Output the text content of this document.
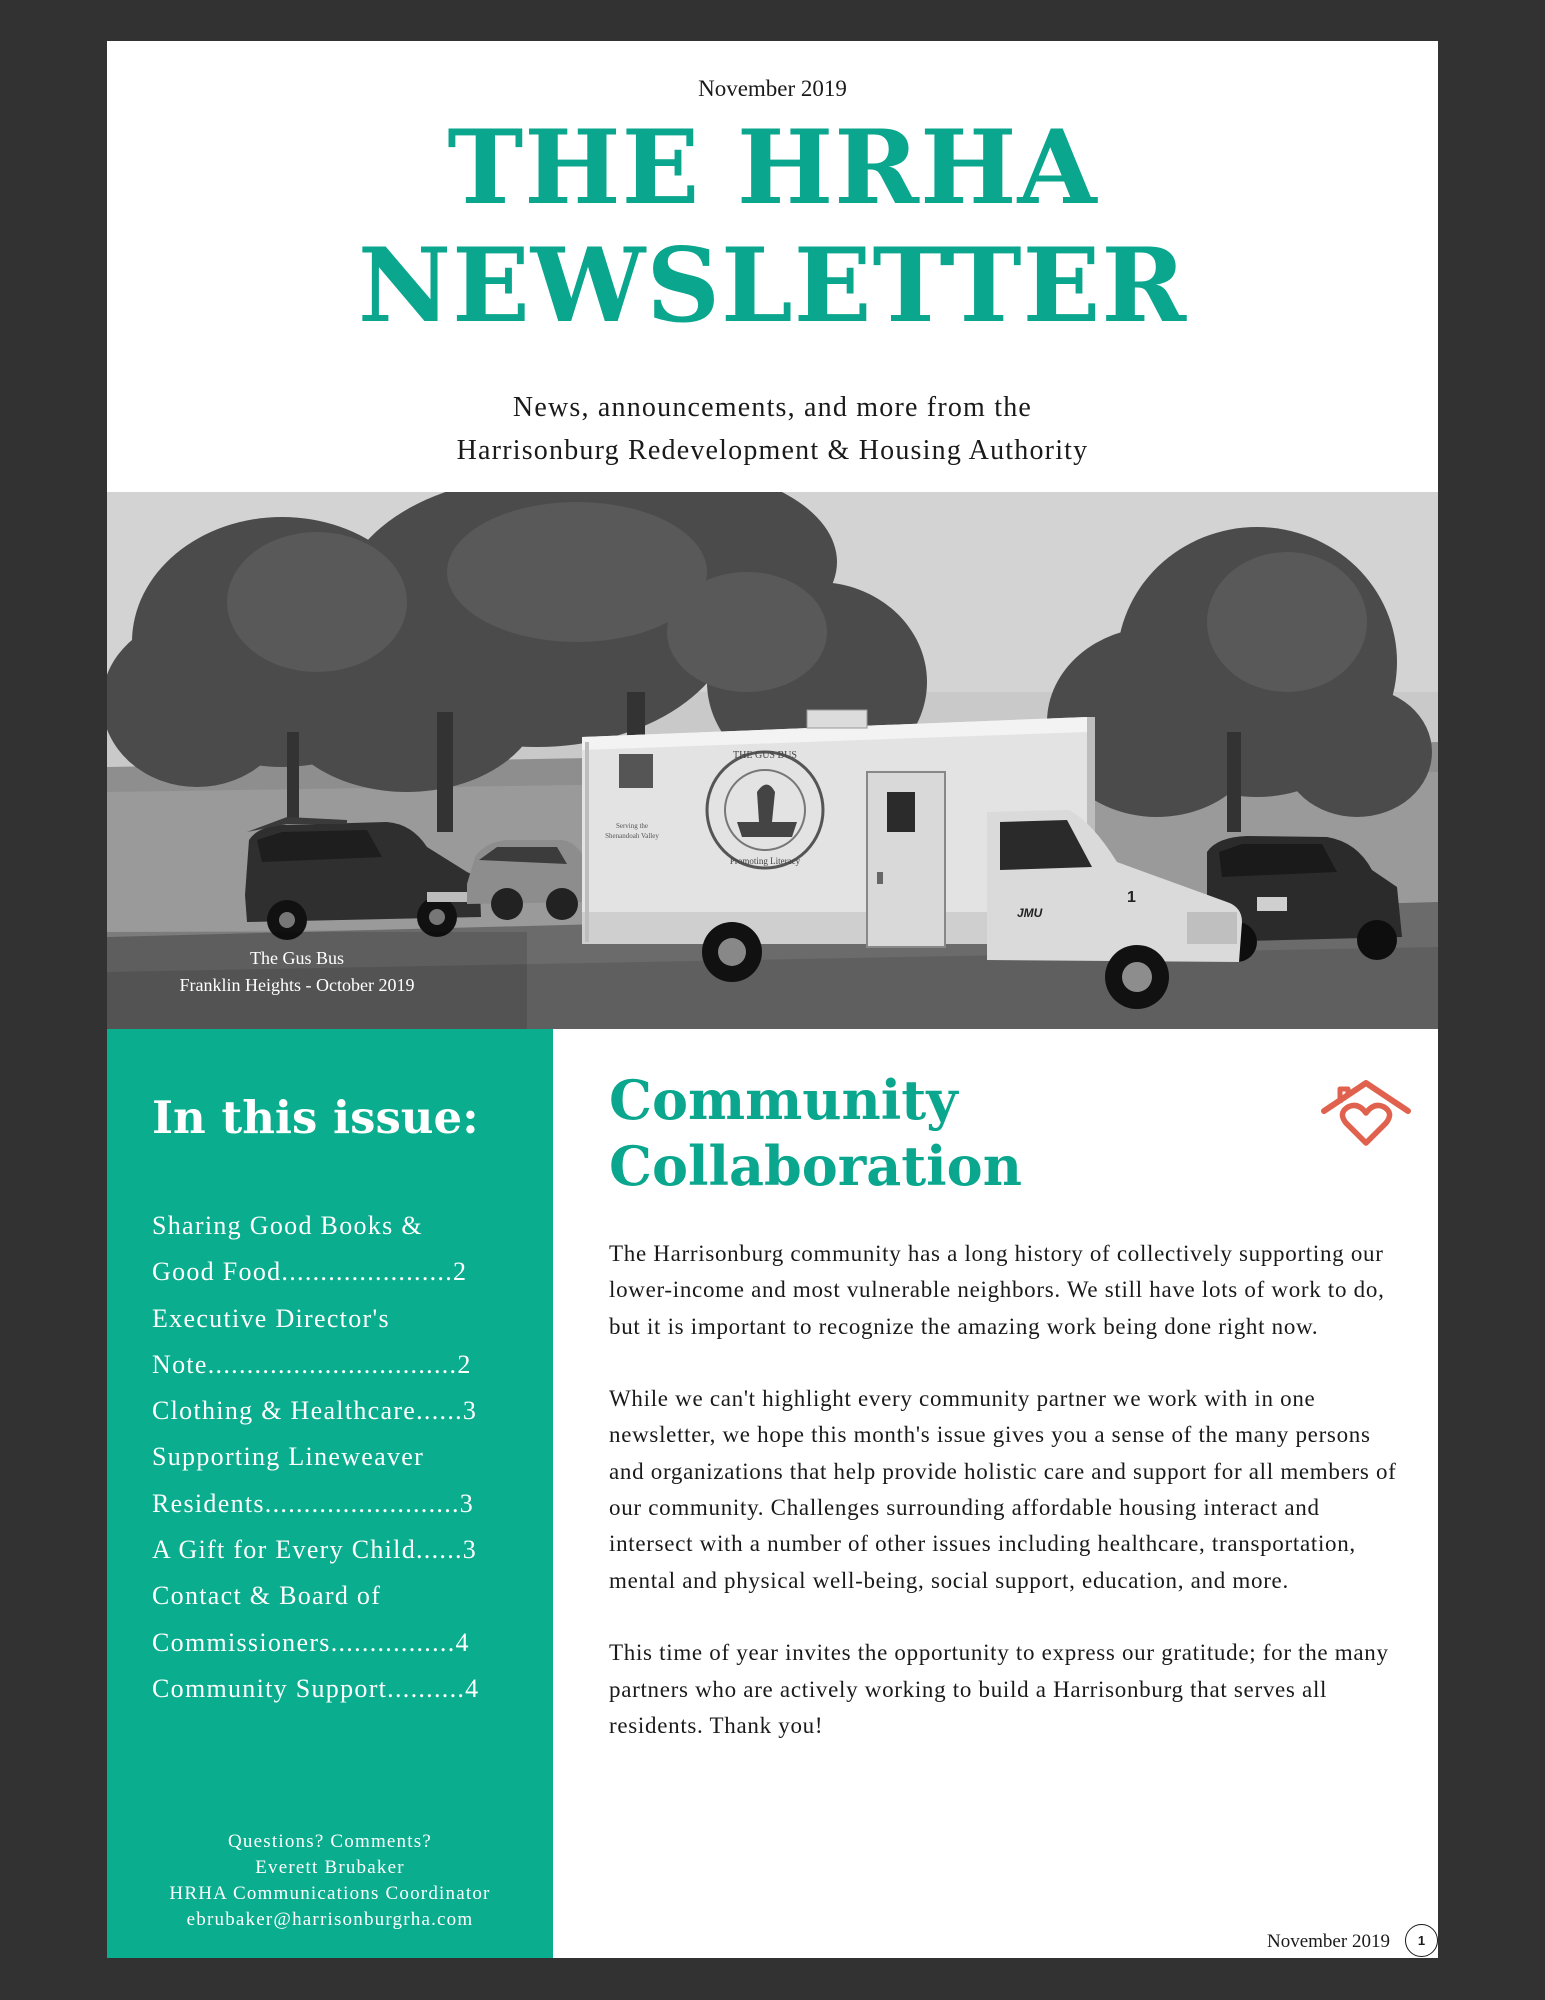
November 2019
THE HRHA
NEWSLETTER
News, announcements, and more from the
Harrisonburg Redevelopment & Housing Authority
THE GUS BUS
Promoting Literacy
Serving the
Shenandoah Valley
JMU
1
The Gus Bus
Franklin Heights - October 2019
In this issue:
Sharing Good Books &
Good Food......................2
Executive Director's
Note................................2
Clothing & Healthcare......3
Supporting Lineweaver
Residents.........................3
A Gift for Every Child......3
Contact & Board of
Commissioners................4
Community Support..........4
Questions? Comments?
Everett Brubaker
HRHA Communications Coordinator
ebrubaker@harrisonburgrha.com
Community
Collaboration

The Harrisonburg community has a long history of collectively supporting our lower-income and most vulnerable neighbors. We still have lots of work to do, but it is important to recognize the amazing work being done right now.

While we can't highlight every community partner we work with in one newsletter, we hope this month's issue gives you a sense of the many persons and organizations that help provide holistic care and support for all members of our community. Challenges surrounding affordable housing interact and intersect with a number of other issues including healthcare, transportation, mental and physical well-being, social support, education, and more.

This time of year invites the opportunity to express our gratitude; for the many partners who are actively working to build a Harrisonburg that serves all residents. Thank you!

November 2019	1
